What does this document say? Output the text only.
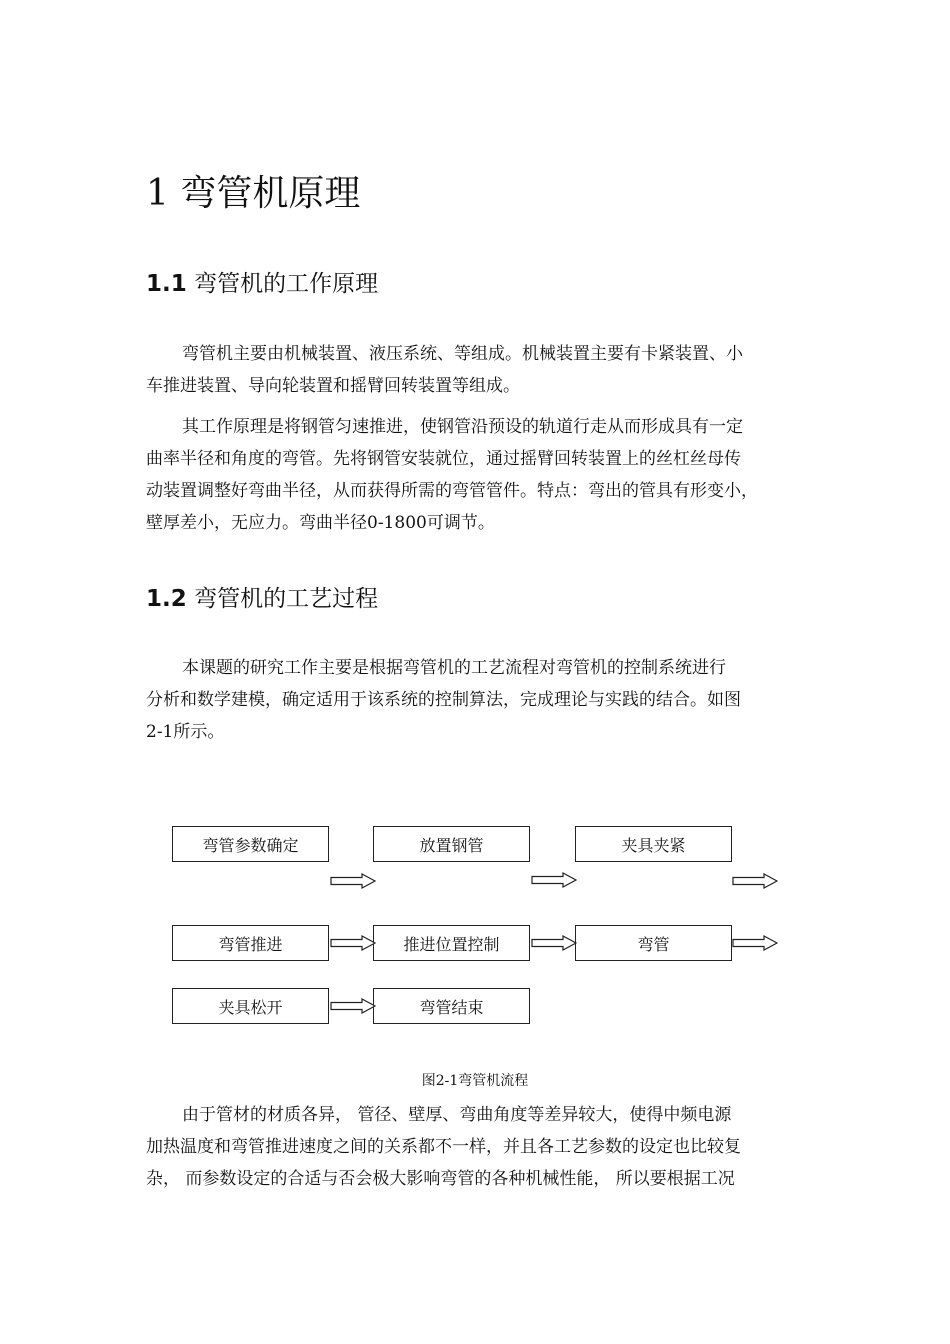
1 弯管机原理
1.1 弯管机的工作原理

弯管机主要由机械装置、液压系统、等组成。机械装置主要有卡紧装置、小
车推进装置、导向轮装置和摇臂回转装置等组成。

其工作原理是将钢管匀速推进，使钢管沿预设的轨道行走从而形成具有一定
曲率半径和角度的弯管。先将钢管安装就位，通过摇臂回转装置上的丝杠丝母传
动装置调整好弯曲半径，从而获得所需的弯管管件。特点：弯出的管具有形变小，
壁厚差小，无应力。弯曲半径0-1800可调节。

1.2 弯管机的工艺过程

本课题的研究工作主要是根据弯管机的工艺流程对弯管机的控制系统进行
分析和数学建模，确定适用于该系统的控制算法，完成理论与实践的结合。如图
2-1所示。

弯管参数确定	放置钢管	夹具夹紧
弯管推进	推进位置控制	弯管
夹具松开	弯管结束

图2-1弯管机流程

由于管材的材质各异， 管径、壁厚、弯曲角度等差异较大，使得中频电源
加热温度和弯管推进速度之间的关系都不一样，并且各工艺参数的设定也比较复
杂， 而参数设定的合适与否会极大影响弯管的各种机械性能， 所以要根据工况
